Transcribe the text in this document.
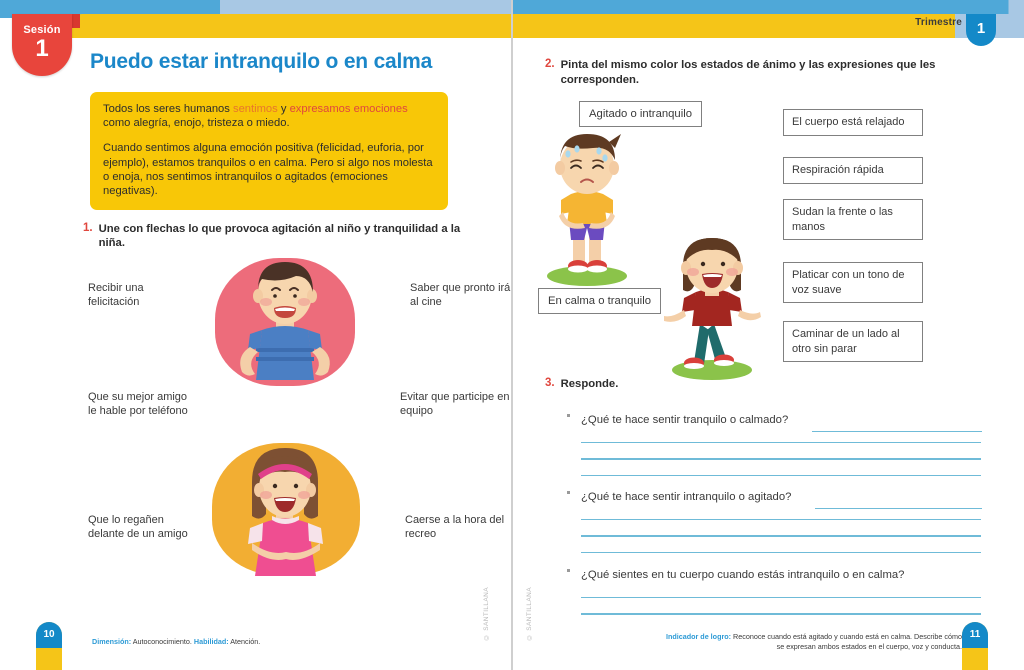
Sesión
1	Puedo estar intranquilo o en calma

Todos los seres humanos sentimos y expresamos emociones como alegría, enojo, tristeza o miedo.

Cuando sentimos alguna emoción positiva (felicidad, euforia, por ejemplo), estamos tranquilos o en calma. Pero si algo nos molesta o enoja, nos sentimos intranquilos o agitados (emociones negativas).

1. Une con flechas lo que provoca agitación al niño y tranquilidad a la niña.
Recibir una felicitación
Que su mejor amigo le hable por teléfono
Que lo regañen delante de un amigo
Saber que pronto irá al cine
Evitar que participe en equipo
Caerse a la hora del recreo
© SANTILLANA
10
Dimensión: Autoconocimiento. Habilidad: Atención.
Trimestre 1
2. Pinta del mismo color los estados de ánimo y las expresiones que les corresponden.
Agitado o intranquilo
En calma o tranquilo
El cuerpo está relajado
Respiración rápida
Sudan la frente o las manos
Platicar con un tono de voz suave
Caminar de un lado al otro sin parar
3. Responde.
¿Qué te hace sentir tranquilo o calmado?
¿Qué te hace sentir intranquilo o agitado?
¿Qué sientes en tu cuerpo cuando estás intranquilo o en calma?
© SANTILLANA	11
Indicador de logro: Reconoce cuando está agitado y cuando está en calma. Describe cómo se expresan ambos estados en el cuerpo, voz y conducta.
